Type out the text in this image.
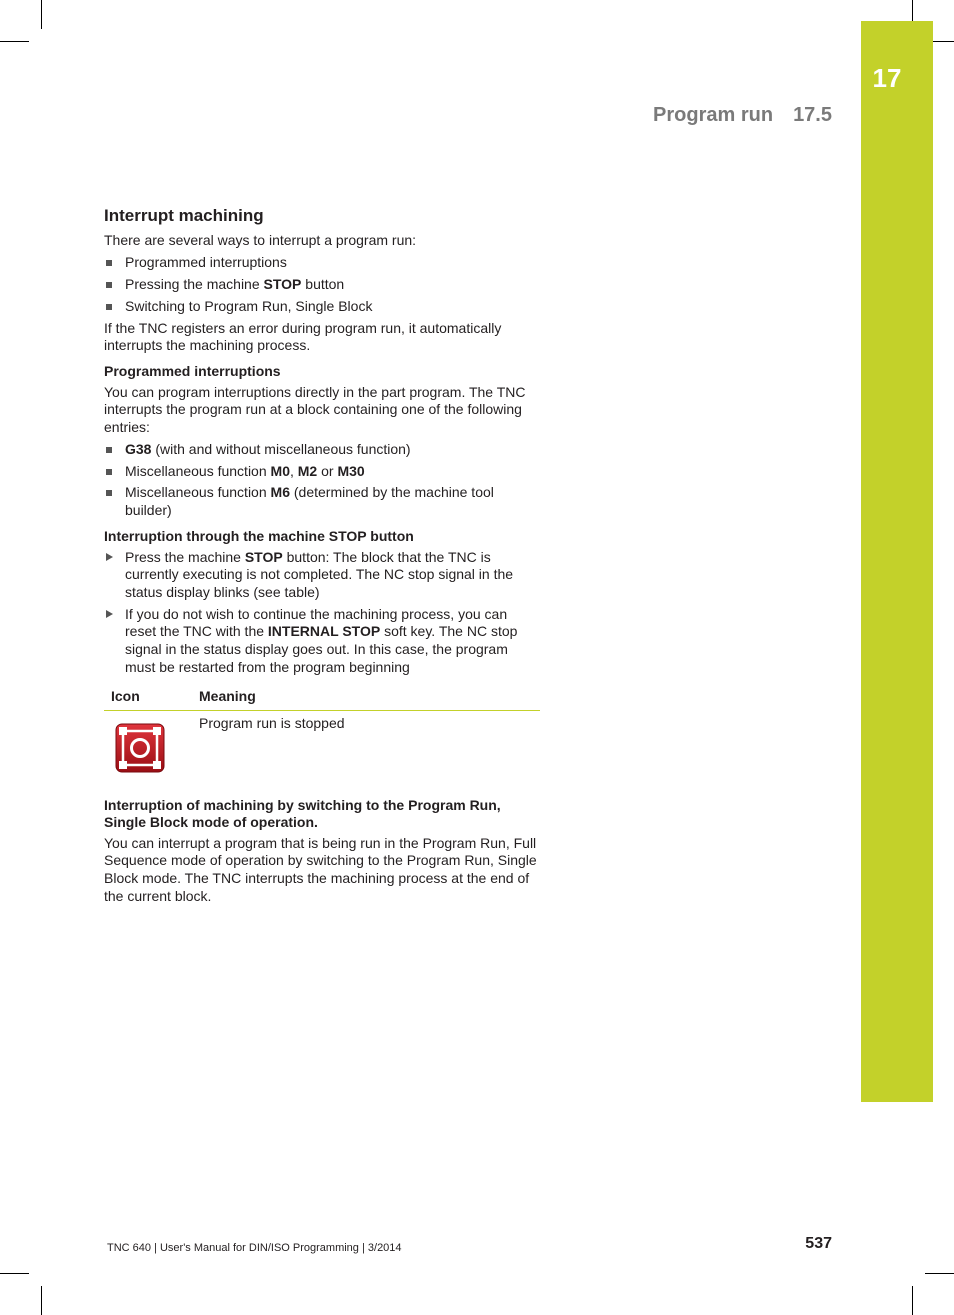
17
Program run 17.5
Interrupt machining

There are several ways to interrupt a program run:

Programmed interruptions
Pressing the machine STOP button
Switching to Program Run, Single Block

If the TNC registers an error during program run, it automatically interrupts the machining process.

Programmed interruptions

You can program interruptions directly in the part program. The TNC interrupts the program run at a block containing one of the following entries:

G38 (with and without miscellaneous function)
Miscellaneous function M0, M2 or M30
Miscellaneous function M6 (determined by the machine tool builder)
Interruption through the machine STOP button
Press the machine STOP button: The block that the TNC is currently executing is not completed. The NC stop signal in the status display blinks (see table)
If you do not wish to continue the machining process, you can reset the TNC with the INTERNAL STOP soft key. The NC stop signal in the status display goes out. In this case, the program must be restarted from the program beginning
Icon	Meaning
Program run is stopped
Interruption of machining by switching to the Program Run, Single Block mode of operation.

You can interrupt a program that is being run in the Program Run, Full Sequence mode of operation by switching to the Program Run, Single Block mode. The TNC interrupts the machining process at the end of the current block.

TNC 640 | User's Manual for DIN/ISO Programming | 3/2014	537
